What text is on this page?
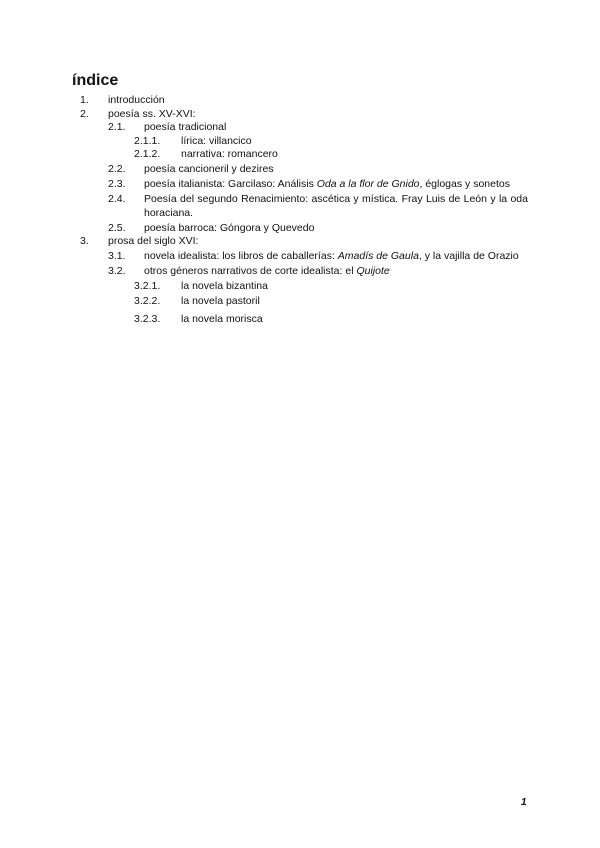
índice
1. introducción
2. poesía ss. XV-XVI:
2.1. poesía tradicional
2.1.1. lírica: villancico
2.1.2. narrativa: romancero
2.2. poesía cancioneril y dezires
2.3. poesía italianista: Garcilaso: Análisis Oda a la flor de Gnido, églogas y sonetos
2.4. Poesía del segundo Renacimiento: ascética y mística. Fray Luis de León y la oda horaciana.
2.5. poesía barroca: Góngora y Quevedo
3. prosa del siglo XVI:
3.1. novela idealista: los libros de caballerías: Amadís de Gaula, y la vajilla de Orazio
3.2. otros géneros narrativos de corte idealista: el Quijote
3.2.1. la novela bizantina
3.2.2. la novela pastoril
3.2.3. la novela morisca
1
